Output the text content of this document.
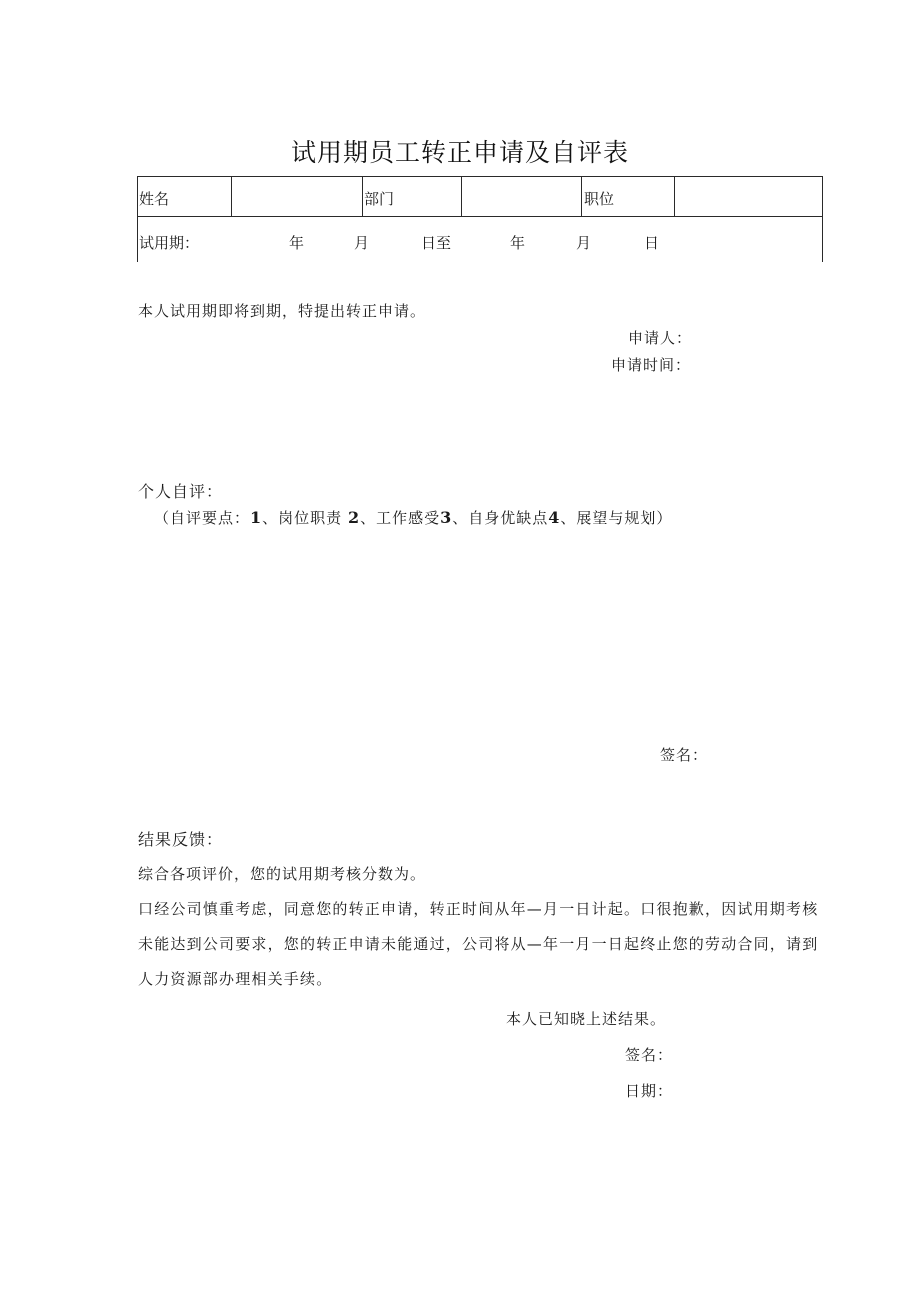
试用期员工转正申请及自评表
姓名	部门	职位
试用期：	年	月	日至	年	月	日
本人试用期即将到期，特提出转正申请。
申请人：
申请时间：
个人自评：
（自评要点：1、岗位职责 2、工作感受3、自身优缺点4、展望与规划）
签名：
结果反馈：
综合各项评价，您的试用期考核分数为。
口经公司慎重考虑，同意您的转正申请，转正时间从年—月一日计起。口很抱歉，因试用期考核未能达到公司要求，您的转正申请未能通过，公司将从—年一月一日起终止您的劳动合同，请到人力资源部办理相关手续。
本人已知晓上述结果。
签名：
日期：
